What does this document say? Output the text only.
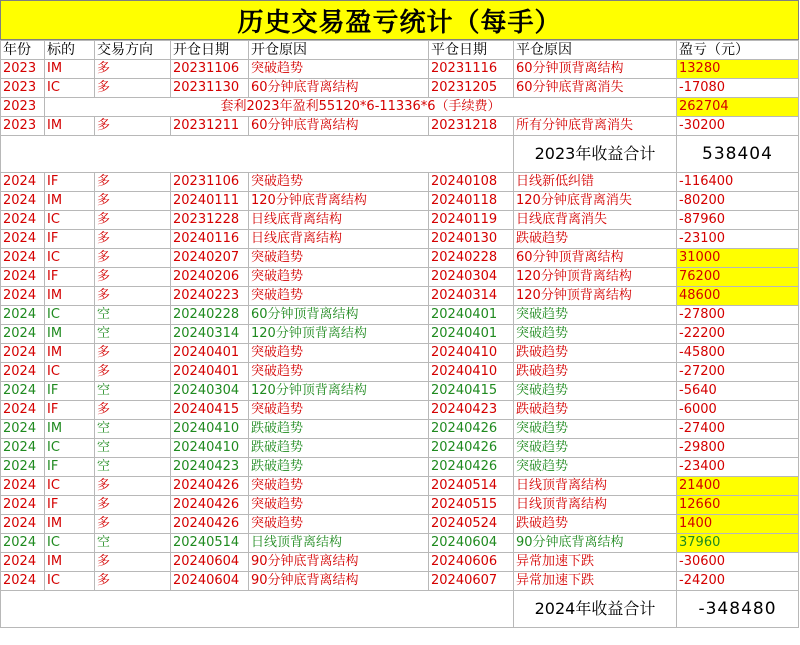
历史交易盈亏统计（每手）
年份	标的	交易方向	开仓日期	开仓原因	平仓日期	平仓原因	盈亏（元）
2023	IM	多	20231106	突破趋势	20231116	60分钟顶背离结构	13280
2023	IC	多	20231130	60分钟底背离结构	20231205	60分钟底背离消失	-17080
2023	套利2023年盈利55120*6-11336*6（手续费）						262704
2023	IM	多	20231211	60分钟底背离结构	20231218	所有分钟底背离消失	-30200
						2023年收益合计	538404
2024	IF	多	20231106	突破趋势	20240108	日线新低纠错	-116400
2024	IM	多	20240111	120分钟底背离结构	20240118	120分钟底背离消失	-80200
2024	IC	多	20231228	日线底背离结构	20240119	日线底背离消失	-87960
2024	IF	多	20240116	日线底背离结构	20240130	跌破趋势	-23100
2024	IC	多	20240207	突破趋势	20240228	60分钟顶背离结构	31000
2024	IF	多	20240206	突破趋势	20240304	120分钟顶背离结构	76200
2024	IM	多	20240223	突破趋势	20240314	120分钟顶背离结构	48600
2024	IC	空	20240228	60分钟顶背离结构	20240401	突破趋势	-27800
2024	IM	空	20240314	120分钟顶背离结构	20240401	突破趋势	-22200
2024	IM	多	20240401	突破趋势	20240410	跌破趋势	-45800
2024	IC	多	20240401	突破趋势	20240410	跌破趋势	-27200
2024	IF	空	20240304	120分钟顶背离结构	20240415	突破趋势	-5640
2024	IF	多	20240415	突破趋势	20240423	跌破趋势	-6000
2024	IM	空	20240410	跌破趋势	20240426	突破趋势	-27400
2024	IC	空	20240410	跌破趋势	20240426	突破趋势	-29800
2024	IF	空	20240423	跌破趋势	20240426	突破趋势	-23400
2024	IC	多	20240426	突破趋势	20240514	日线顶背离结构	21400
2024	IF	多	20240426	突破趋势	20240515	日线顶背离结构	12660
2024	IM	多	20240426	突破趋势	20240524	跌破趋势	1400
2024	IC	空	20240514	日线顶背离结构	20240604	90分钟底背离结构	37960
2024	IM	多	20240604	90分钟底背离结构	20240606	异常加速下跌	-30600
2024	IC	多	20240604	90分钟底背离结构	20240607	异常加速下跌	-24200
						2024年收益合计	-348480
